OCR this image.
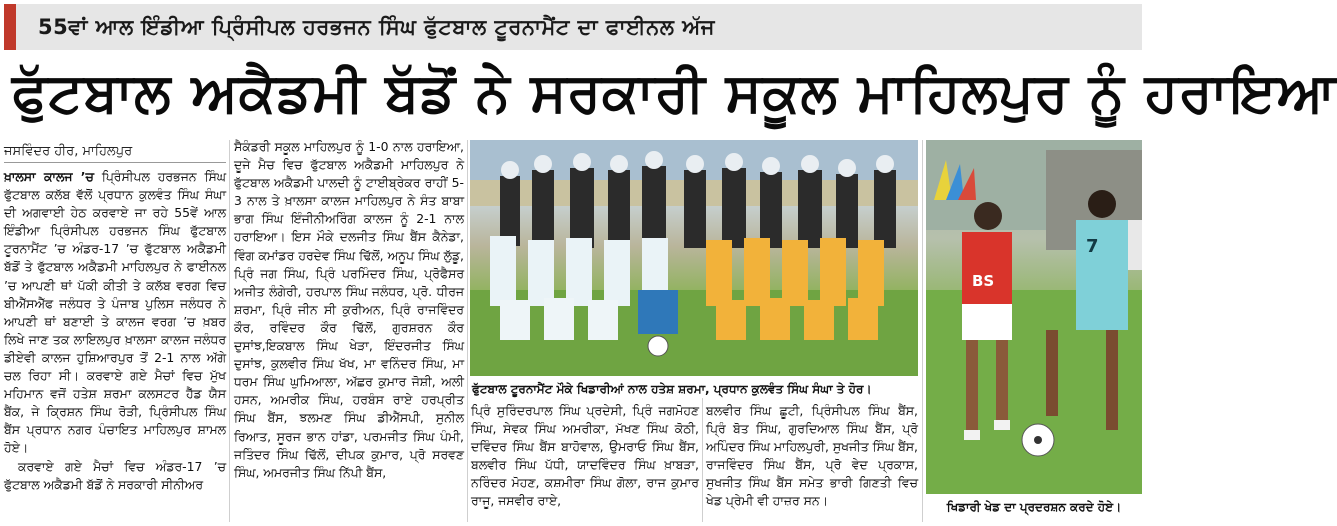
55ਵਾਂ ਆਲ ਇੰਡੀਆ ਪ੍ਰਿੰਸੀਪਲ ਹਰਭਜਨ ਸਿੰਘ ਫੁੱਟਬਾਲ ਟੂਰਨਾਮੈਂਟ ਦਾ ਫਾਈਨਲ ਅੱਜ
ਫੁੱਟਬਾਲ ਅਕੈਡਮੀ ਬੱਡੋਂ ਨੇ ਸਰਕਾਰੀ ਸਕੂਲ ਮਾਹਿਲਪੁਰ ਨੂੰ ਹਰਾਇਆ
ਜਸਵਿੰਦਰ ਹੀਰ, ਮਾਹਿਲਪੁਰ

ਖ਼ਾਲਸਾ ਕਾਲਜ ’ਚ ਪ੍ਰਿੰਸੀਪਲ ਹਰਭਜਨ ਸਿੰਘ ਫੁੱਟਬਾਲ ਕਲੱਬ ਵੱਲੋਂ ਪ੍ਰਧਾਨ ਕੁਲਵੰਤ ਸਿੰਘ ਸੰਘਾ ਦੀ ਅਗਵਾਈ ਹੇਠ ਕਰਵਾਏ ਜਾ ਰਹੇ 55ਵੇਂ ਆਲ ਇੰਡੀਆ ਪ੍ਰਿੰਸੀਪਲ ਹਰਭਜਨ ਸਿੰਘ ਫੁੱਟਬਾਲ ਟੂਰਨਾਮੈਂਟ ’ਚ ਅੰਡਰ-17 ’ਚ ਫੁੱਟਬਾਲ ਅਕੈਡਮੀ ਬੱਡੋਂ ਤੇ ਫੁੱਟਬਾਲ ਅਕੈਡਮੀ ਮਾਹਿਲਪੁਰ ਨੇ ਫਾਈਨਲ ’ਚ ਆਪਣੀ ਥਾਂ ਪੱਕੀ ਕੀਤੀ ਤੇ ਕਲੱਬ ਵਰਗ ਵਿਚ ਬੀਐੱਸਐੱਫ ਜਲੰਧਰ ਤੇ ਪੰਜਾਬ ਪੁਲਿਸ ਜਲੰਧਰ ਨੇ ਆਪਣੀ ਥਾਂ ਬਣਾਈ ਤੇ ਕਾਲਜ ਵਰਗ ’ਚ ਖ਼ਬਰ ਲਿਖੇ ਜਾਣ ਤਕ ਲਾਇਲਪੁਰ ਖ਼ਾਲਸਾ ਕਾਲਜ ਜਲੰਧਰ ਡੀਏਵੀ ਕਾਲਜ ਹੁਸ਼ਿਆਰਪੁਰ ਤੋਂ 2-1 ਨਾਲ ਅੱਗੇ ਚਲ ਰਿਹਾ ਸੀ। ਕਰਵਾਏ ਗਏ ਮੈਚਾਂ ਵਿਚ ਮੁੱਖ ਮਹਿਮਾਨ ਵਜੋਂ ਹਤੇਸ਼ ਸ਼ਰਮਾ ਕਲਸਟਰ ਹੈੱਡ ਯੈਸ ਬੈਂਕ, ਜੇ ਕ੍ਰਿਸ਼ਨ ਸਿੰਘ ਰੋੜੀ, ਪ੍ਰਿੰਸੀਪਲ ਸਿੰਘ ਬੈਂਸ ਪ੍ਰਧਾਨ ਨਗਰ ਪੰਚਾਇਤ ਮਾਹਿਲਪੁਰ ਸ਼ਾਮਲ ਹੋਏ।

ਕਰਵਾਏ ਗਏ ਮੈਚਾਂ ਵਿਚ ਅੰਡਰ-17 ’ਚ ਫੁੱਟਬਾਲ ਅਕੈਡਮੀ ਬੱਡੋਂ ਨੇ ਸਰਕਾਰੀ ਸੀਨੀਅਰ

ਸੈਕੰਡਰੀ ਸਕੂਲ ਮਾਹਿਲਪੁਰ ਨੂੰ 1-0 ਨਾਲ ਹਰਾਇਆ, ਦੂਜੇ ਮੈਚ ਵਿਚ ਫੁੱਟਬਾਲ ਅਕੈਡਮੀ ਮਾਹਿਲਪੁਰ ਨੇ ਫੁੱਟਬਾਲ ਅਕੈਡਮੀ ਪਾਲਦੀ ਨੂੰ ਟਾਈਬ੍ਰੇਕਰ ਰਾਹੀਂ 5-3 ਨਾਲ ਤੇ ਖ਼ਾਲਸਾ ਕਾਲਜ ਮਾਹਿਲਪੁਰ ਨੇ ਸੰਤ ਬਾਬਾ ਭਾਗ ਸਿੰਘ ਇੰਜੀਨੀਅਰਿੰਗ ਕਾਲਜ ਨੂੰ 2-1 ਨਾਲ ਹਰਾਇਆ। ਇਸ ਮੌਕੇ ਦਲਜੀਤ ਸਿੰਘ ਬੈਂਸ ਕੈਨੇਡਾ, ਵਿੰਗ ਕਮਾਂਡਰ ਹਰਦੇਵ ਸਿੰਘ ਢਿੱਲੋਂ, ਅਨੂਪ ਸਿੰਘ ਲੁੱਡੂ, ਪ੍ਰਿੰ ਜਗ ਸਿੰਘ, ਪ੍ਰਿੰ ਪਰਮਿੰਦਰ ਸਿੰਘ, ਪ੍ਰੋਫੈਸਰ ਅਜੀਤ ਲੰਗੇਰੀ, ਹਰਪਾਲ ਸਿੰਘ ਜਲੰਧਰ, ਪ੍ਰੋ. ਧੀਰਜ ਸ਼ਰਮਾ, ਪ੍ਰਿੰ ਜੀਨ ਸੀ ਕੁਰੀਅਨ, ਪ੍ਰਿੰ ਰਾਜਵਿੰਦਰ ਕੌਰ, ਰਵਿੰਦਰ ਕੌਰ ਢਿੱਲੋਂ, ਗੁਰਸ਼ਰਨ ਕੌਰ ਦੁਸਾਂਝ,ਇਕਬਾਲ ਸਿੰਘ ਖੇੜਾ, ਇੰਦਰਜੀਤ ਸਿੰਘ ਦੁਸਾਂਝ, ਕੁਲਵੀਰ ਸਿੰਘ ਖੱਖ, ਮਾ ਵਨਿੰਦਰ ਸਿੰਘ, ਮਾ ਧਰਮ ਸਿੰਘ ਘੁਮਿਆਲਾ, ਅੱਛਰ ਕੁਮਾਰ ਜੋਸ਼ੀ, ਅਲੀ ਹਸਨ, ਅਮਰੀਕ ਸਿੰਘ, ਹਰਬੰਸ ਰਾਏ ਹਰਪ੍ਰੀਤ ਸਿੰਘ ਬੈਂਸ, ਝਲਮਣ ਸਿੰਘ ਡੀਐੱਸਪੀ, ਸੁਨੀਲ ਰਿਆਤ, ਸੂਰਜ ਭਾਨ ਹਾਂਡਾ, ਪਰਮਜੀਤ ਸਿੰਘ ਪੰਮੀ, ਜਤਿੰਦਰ ਸਿੰਘ ਢਿੱਲੋਂ, ਦੀਪਕ ਕੁਮਾਰ, ਪ੍ਰੋ ਸਰਵਣ ਸਿੰਘ, ਅਮਰਜੀਤ ਸਿੰਘ ਨਿੱਪੀ ਬੈਂਸ,

ਫੁੱਟਬਾਲ ਟੂਰਨਾਮੈਂਟ ਮੌਕੇ ਖਿਡਾਰੀਆਂ ਨਾਲ ਹਤੇਸ਼ ਸ਼ਰਮਾ, ਪ੍ਰਧਾਨ ਕੁਲਵੰਤ ਸਿੰਘ ਸੰਘਾ ਤੇ ਹੋਰ।

ਪ੍ਰਿੰ ਸੁਰਿੰਦਰਪਾਲ ਸਿੰਘ ਪ੍ਰਦੇਸੀ, ਪ੍ਰਿੰ ਜਗਮੋਹਣ ਸਿੰਘ, ਸੇਵਕ ਸਿੰਘ ਅਮਰੀਕਾ, ਮੱਖਣ ਸਿੰਘ ਕੋਠੀ, ਦਵਿੰਦਰ ਸਿੰਘ ਬੈਂਸ ਬਾਹੋਵਾਲ, ਉਮਰਾਓ ਸਿੰਘ ਬੈਂਸ, ਬਲਵੀਰ ਸਿੰਘ ਪੱਧੀ, ਯਾਦਵਿੰਦਰ ਸਿੰਘ ਖ਼ਾਬੜਾ, ਨਰਿੰਦਰ ਮੋਹਣ, ਕਸ਼ਮੀਰਾ ਸਿੰਘ ਗੋਲਾ, ਰਾਜ ਕੁਮਾਰ ਰਾਜੂ, ਜਸਵੀਰ ਰਾਏ,

ਬਲਵੀਰ ਸਿੰਘ ਛੂਟੀ, ਪ੍ਰਿੰਸੀਪਲ ਸਿੰਘ ਬੈਂਸ, ਪ੍ਰਿੰ ਬੋਤ ਸਿੰਘ, ਗੁਰਦਿਆਲ ਸਿੰਘ ਬੈਂਸ, ਪ੍ਰੋ ਅਪਿੰਦਰ ਸਿੰਘ ਮਾਹਿਲਪੁਰੀ, ਸੁਖਜੀਤ ਸਿੰਘ ਬੈਂਸ, ਰਾਜਵਿੰਦਰ ਸਿੰਘ ਬੈਂਸ, ਪ੍ਰੋ ਵੇਦ ਪ੍ਰਕਾਸ਼, ਸੁਖਜੀਤ ਸਿੰਘ ਬੈਂਸ ਸਮੇਤ ਭਾਰੀ ਗਿਣਤੀ ਵਿਚ ਖੇਡ ਪ੍ਰੇਮੀ ਵੀ ਹਾਜ਼ਰ ਸਨ।

BS
7
ਖਿਡਾਰੀ ਖੇਡ ਦਾ ਪ੍ਰਦਰਸ਼ਨ ਕਰਦੇ ਹੋਏ।
